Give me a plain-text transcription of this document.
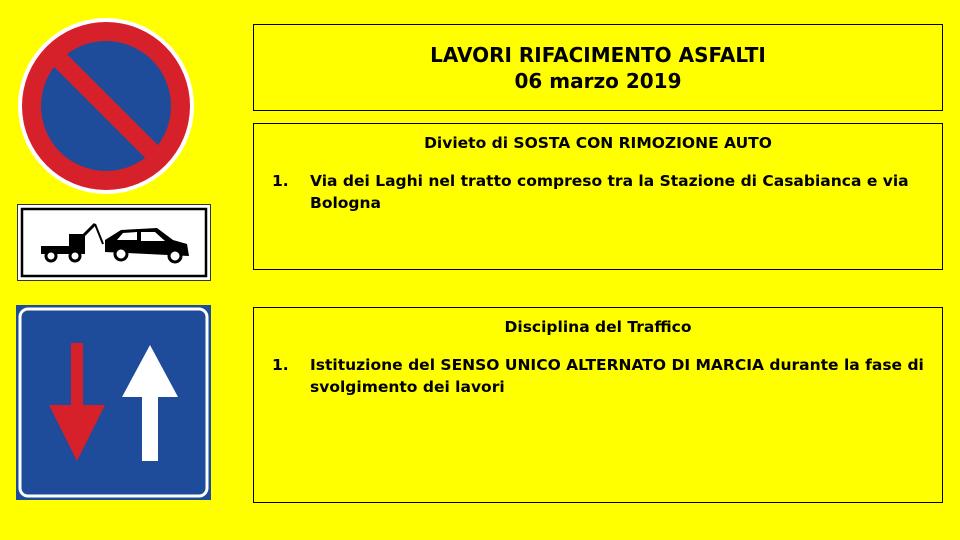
LAVORI RIFACIMENTO ASFALTI
06 marzo 2019
Divieto di SOSTA CON RIMOZIONE AUTO
1.	Via dei Laghi nel tratto compreso tra la Stazione di Casabianca e via Bologna
Disciplina del Traffico
1.	Istituzione del SENSO UNICO ALTERNATO DI MARCIA durante la fase di svolgimento dei lavori
